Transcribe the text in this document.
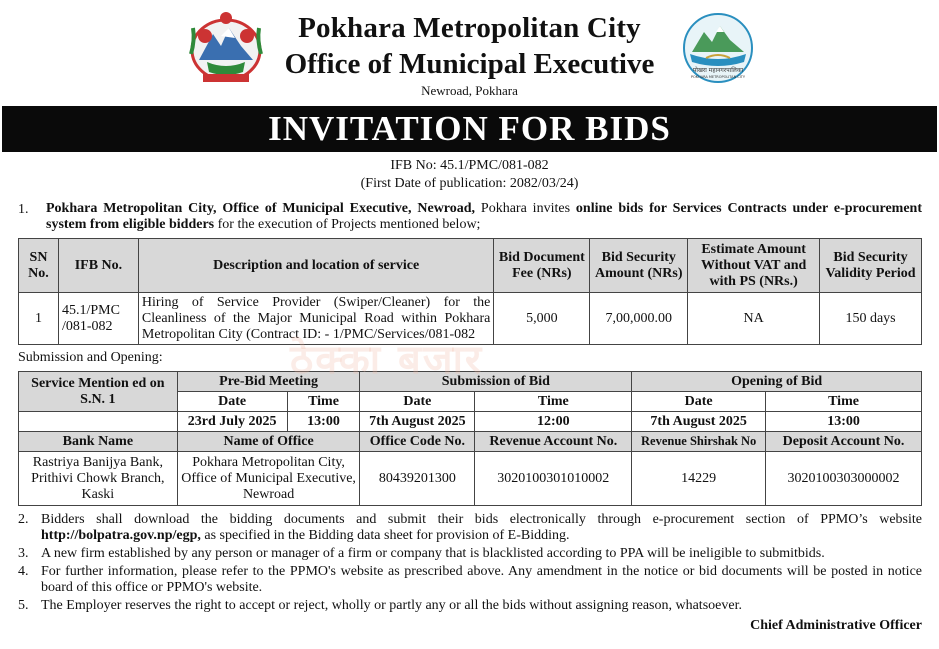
Pokhara Metropolitan City
Office of Municipal Executive
Newroad, Pokhara
पोखरा महानगरपालिका
POKHARA METROPOLITAN CITY
INVITATION FOR BIDS
IFB No: 45.1/PMC/081-082
(First Date of publication: 2082/03/24)
1. Pokhara Metropolitan City, Office of Municipal Executive, Newroad, Pokhara invites online bids for Services Contracts under e-procurement system from eligible bidders for the execution of Projects mentioned below;
SN No.	IFB No.	Description and location of service	Bid Document Fee (NRs)	Bid Security Amount (NRs)	Estimate Amount Without VAT and with PS (NRs.)	Bid Security Validity Period
1	45.1/PMC /081-082	Hiring of Service Provider (Swiper/Cleaner) for the Cleanliness of the Major Municipal Road within Pokhara Metropolitan City (Contract ID: - 1/PMC/Services/081-082	5,000	7,00,000.00	NA	150 days
Submission and Opening:
Service Mention ed on S.N. 1	Pre-Bid Meeting		Submission of Bid		Opening of Bid	
	Date	Time	Date	Time	Date	Time
	23rd July 2025	13:00	7th August 2025	12:00	7th August 2025	13:00
Bank Name	Name of Office		Office Code No.	Revenue Account No.	Revenue Shirshak No	Deposit Account No.
Rastriya Banijya Bank, Prithivi Chowk Branch, Kaski	Pokhara Metropolitan City, Office of Municipal Executive, Newroad		80439201300	3020100301010002	14229	3020100303000002
ठेक्का बजार
2. Bidders shall download the bidding documents and submit their bids electronically through e-procurement section of PPMO’s website http://bolpatra.gov.np/egp, as specified in the Bidding data sheet for provision of E-Bidding.
3. A new firm established by any person or manager of a firm or company that is blacklisted according to PPA will be ineligible to submitbids.
4. For further information, please refer to the PPMO's website as prescribed above. Any amendment in the notice or bid documents will be posted in notice board of this office or PPMO's website.
5. The Employer reserves the right to accept or reject, wholly or partly any or all the bids without assigning reason, whatsoever.
Chief Administrative Officer
